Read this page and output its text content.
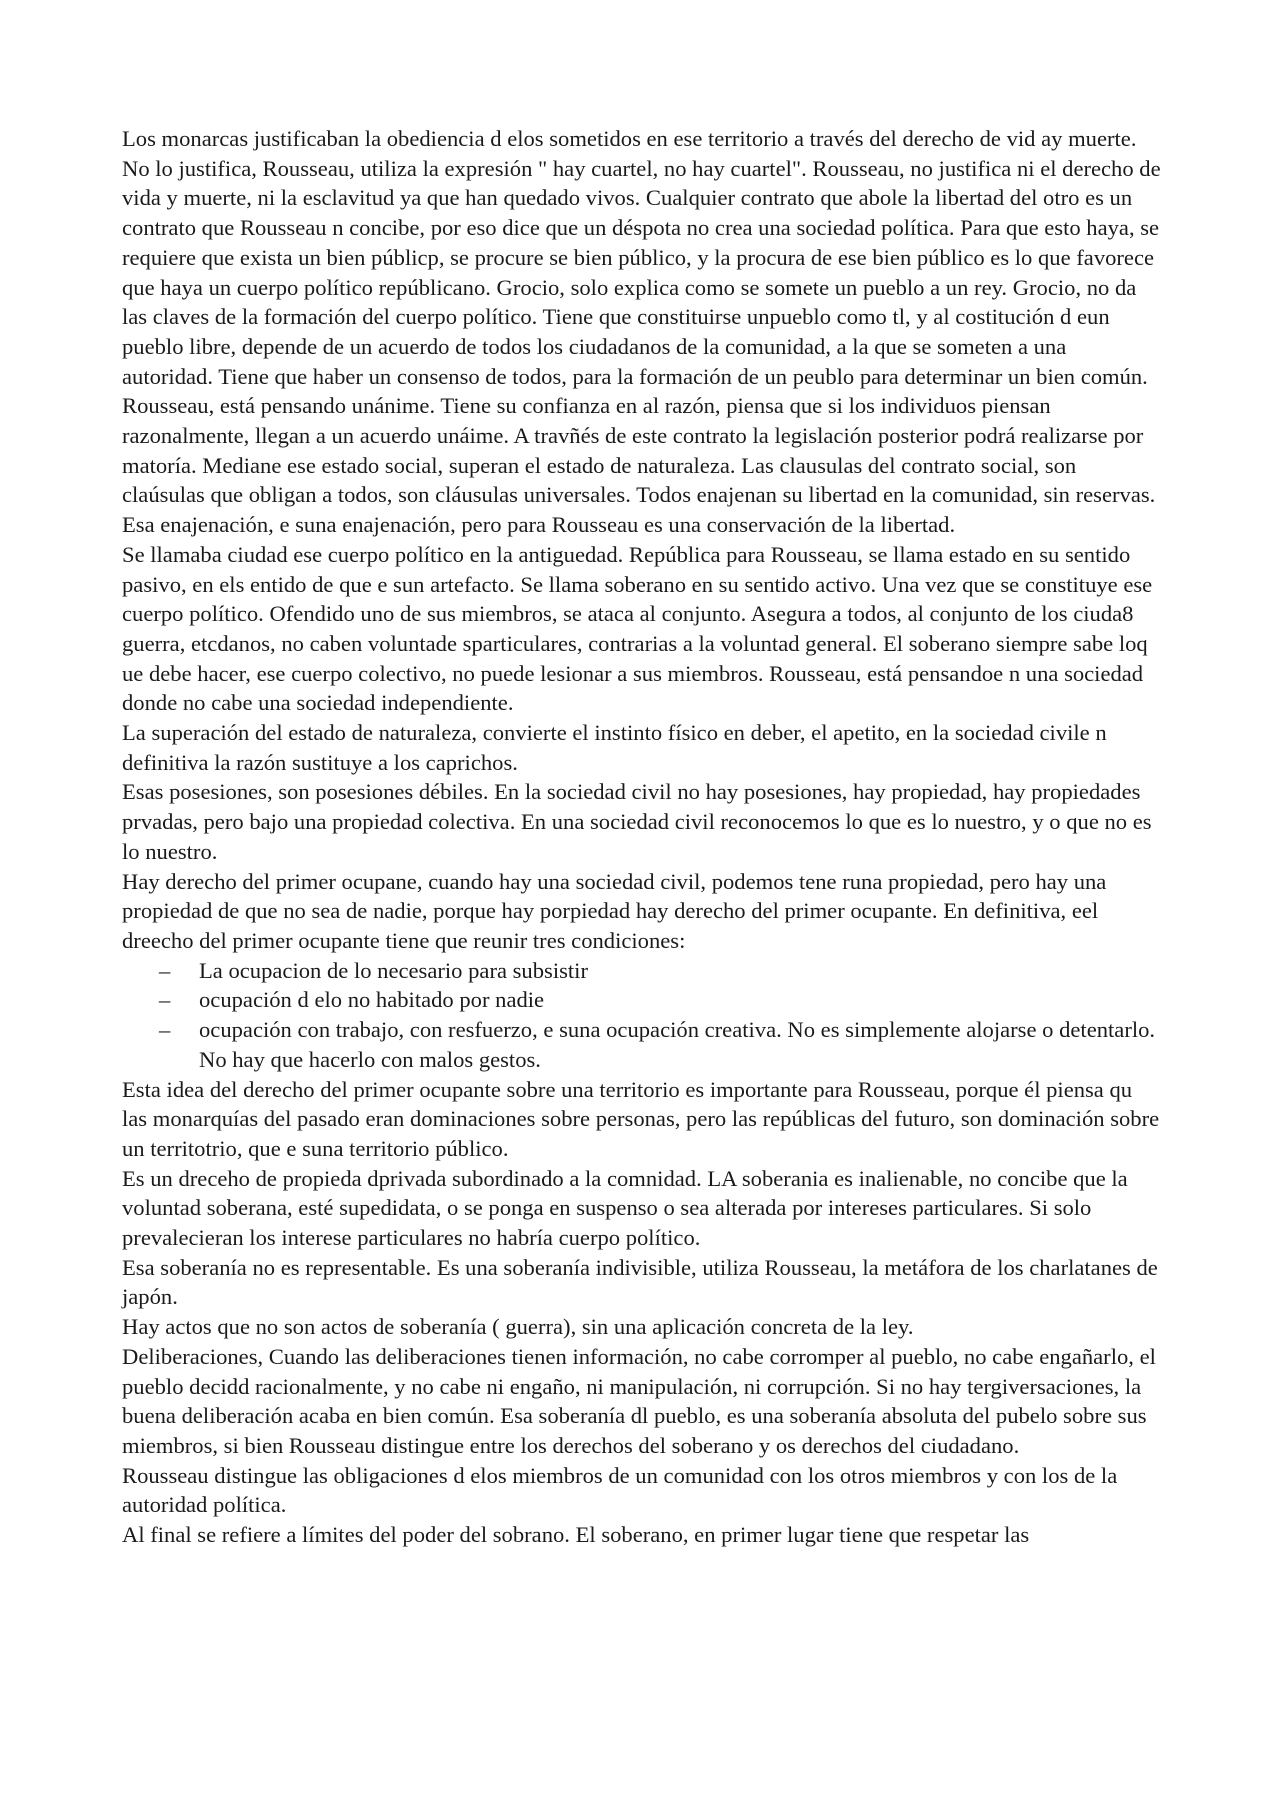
Los monarcas justificaban la obediencia d elos sometidos en ese territorio a través del derecho de vid ay muerte. No lo justifica, Rousseau, utiliza la expresión " hay cuartel, no hay cuartel". Rousseau, no justifica ni el derecho de vida y muerte, ni la esclavitud ya que han quedado vivos. Cualquier contrato que abole la libertad del otro es un contrato que Rousseau n concibe, por eso dice que un déspota no crea una sociedad política. Para que esto haya, se requiere que exista un bien públicp, se procure se bien público, y la procura de ese bien público es lo que favorece que haya un cuerpo político repúblicano. Grocio, solo explica como se somete un pueblo a un rey. Grocio, no da las claves de la formación del cuerpo político. Tiene que constituirse unpueblo como tl, y al costitución d eun pueblo libre, depende de un acuerdo de todos los ciudadanos de la comunidad, a la que se someten a una autoridad. Tiene que haber un consenso de todos, para la formación de un peublo para determinar un bien común. Rousseau, está pensando unánime. Tiene su confianza en al razón, piensa que si los individuos piensan razonalmente, llegan a un acuerdo unáime. A travñés de este contrato la legislación posterior podrá realizarse por matoría. Mediane ese estado social, superan el estado de naturaleza. Las clausulas del contrato social, son claúsulas que obligan a todos, son cláusulas universales. Todos enajenan su libertad en la comunidad, sin reservas. Esa enajenación, e suna enajenación, pero para Rousseau es una conservación de la libertad.

Se llamaba ciudad ese cuerpo político en la antiguedad. República para Rousseau, se llama estado en su sentido pasivo, en els entido de que e sun artefacto. Se llama soberano en su sentido activo. Una vez que se constituye ese cuerpo político. Ofendido uno de sus miembros, se ataca al conjunto. Asegura a todos, al conjunto de los ciuda8 guerra, etcdanos, no caben voluntade sparticulares, contrarias a la voluntad general. El soberano siempre sabe loq ue debe hacer, ese cuerpo colectivo, no puede lesionar a sus miembros. Rousseau, está pensandoe n una sociedad donde no cabe una sociedad independiente.

La superación del estado de naturaleza, convierte el instinto físico en deber, el apetito, en la sociedad civile n definitiva la razón sustituye a los caprichos.

Esas posesiones, son posesiones débiles. En la sociedad civil no hay posesiones, hay propiedad, hay propiedades prvadas, pero bajo una propiedad colectiva. En una sociedad civil reconocemos lo que es lo nuestro, y o que no es lo nuestro.

Hay derecho del primer ocupane, cuando hay una sociedad civil, podemos tene runa propiedad, pero hay una propiedad de que no sea de nadie, porque hay porpiedad hay derecho del primer ocupante. En definitiva, eel dreecho del primer ocupante tiene que reunir tres condiciones:

– La ocupacion de lo necesario para subsistir
– ocupación d elo no habitado por nadie
– ocupación con trabajo, con resfuerzo, e suna ocupación creativa. No es simplemente alojarse o detentarlo. No hay que hacerlo con malos gestos.

Esta idea del derecho del primer ocupante sobre una territorio es importante para Rousseau, porque él piensa qu las monarquías del pasado eran dominaciones sobre personas, pero las repúblicas del futuro, son dominación sobre un territotrio, que e suna territorio público.

Es un dreceho de propieda dprivada subordinado a la comnidad. LA soberania es inalienable, no concibe que la voluntad soberana, esté supedidata, o se ponga en suspenso o sea alterada por intereses particulares. Si solo prevalecieran los interese particulares no habría cuerpo político.

Esa soberanía no es representable. Es una soberanía indivisible, utiliza Rousseau, la metáfora de los charlatanes de japón.

Hay actos que no son actos de soberanía ( guerra), sin una aplicación concreta de la ley.

Deliberaciones, Cuando las deliberaciones tienen información, no cabe corromper al pueblo, no cabe engañarlo, el pueblo decidd racionalmente, y no cabe ni engaño, ni manipulación, ni corrupción. Si no hay tergiversaciones, la buena deliberación acaba en bien común. Esa soberanía dl pueblo, es una soberanía absoluta del pubelo sobre sus miembros, si bien Rousseau distingue entre los derechos del soberano y os derechos del ciudadano.

Rousseau distingue las obligaciones d elos miembros de un comunidad con los otros miembros y con los de la autoridad política.

Al final se refiere a límites del poder del sobrano. El soberano, en primer lugar tiene que respetar las
